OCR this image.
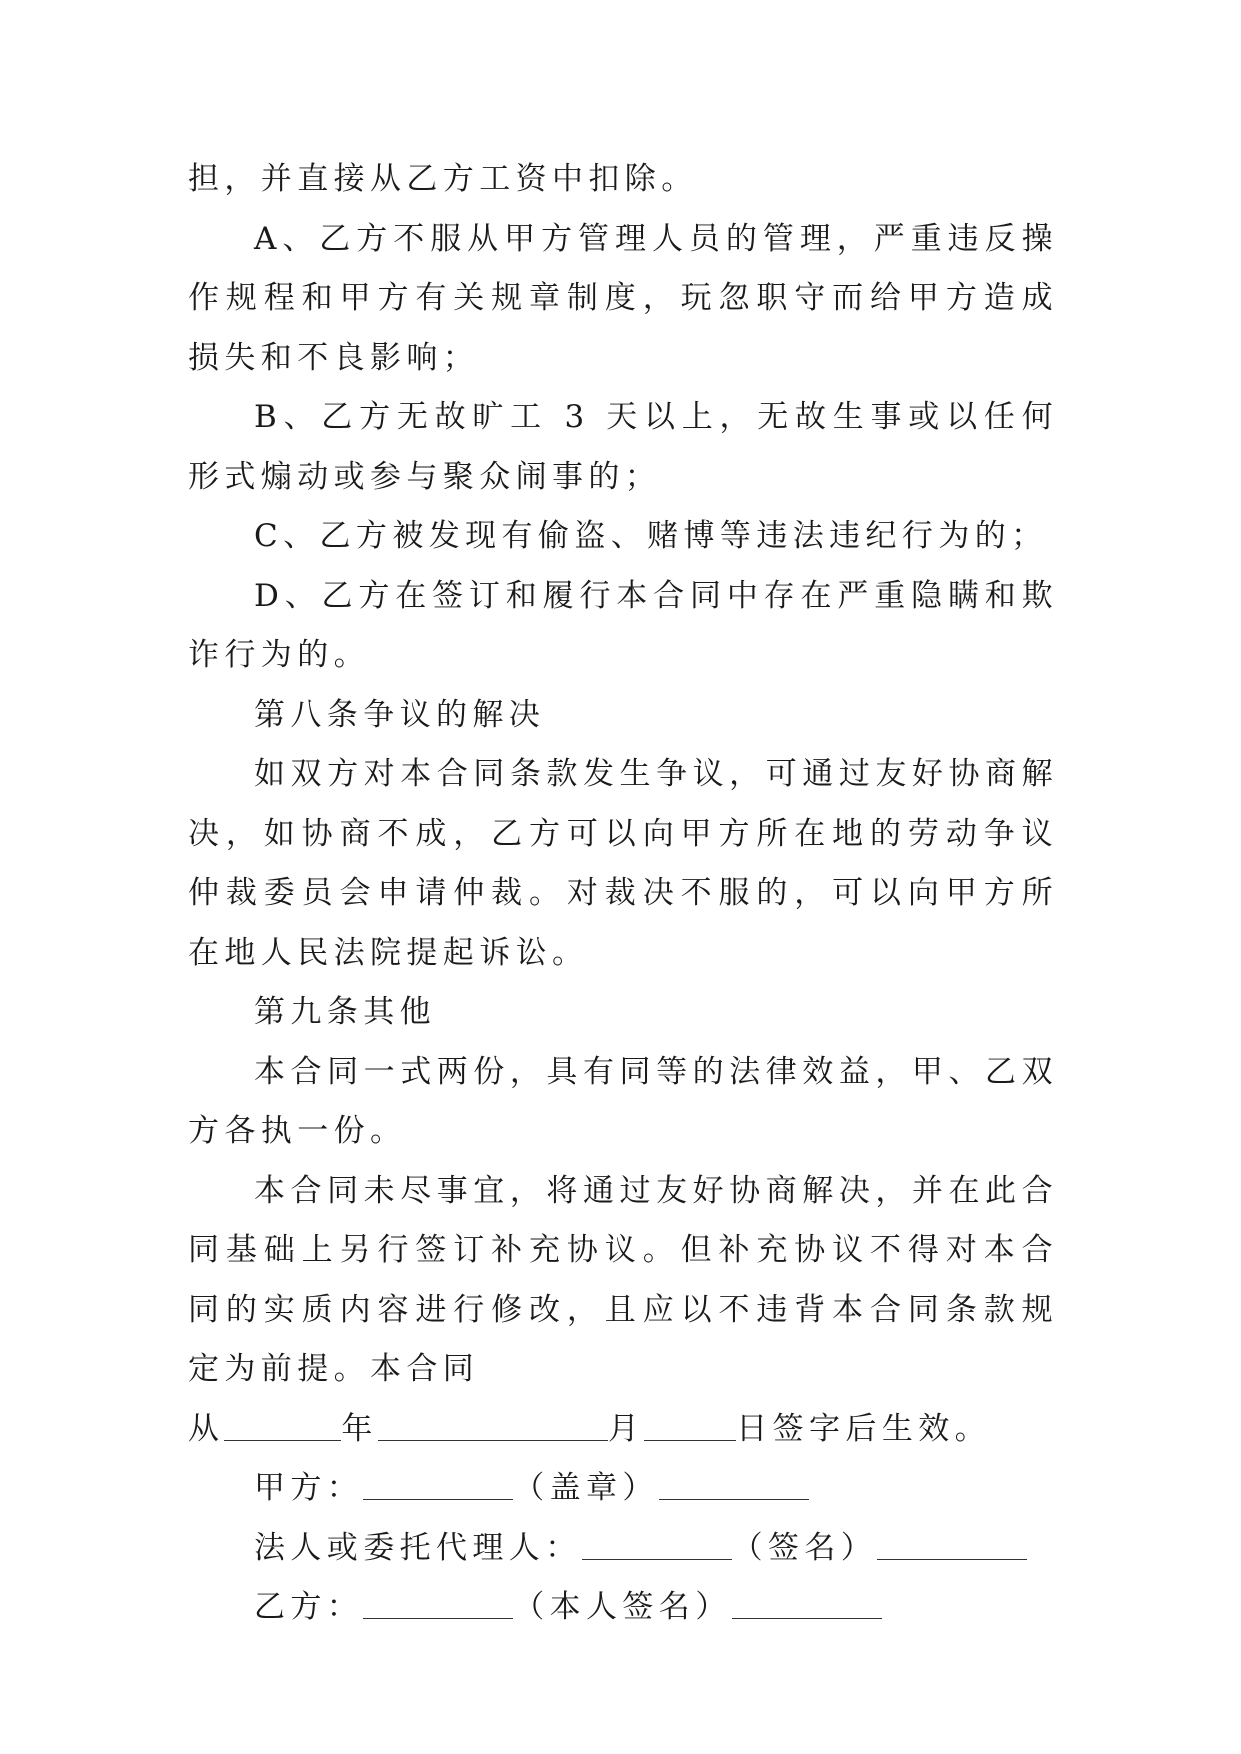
担，并直接从乙方工资中扣除。

A、乙方不服从甲方管理人员的管理，严重违反操作规程和甲方有关规章制度，玩忽职守而给甲方造成损失和不良影响；

B、乙方无故旷工 3 天以上，无故生事或以任何形式煽动或参与聚众闹事的；

C、乙方被发现有偷盗、赌博等违法违纪行为的；

D、乙方在签订和履行本合同中存在严重隐瞒和欺诈行为的。

第八条争议的解决

如双方对本合同条款发生争议，可通过友好协商解决，如协商不成，乙方可以向甲方所在地的劳动争议仲裁委员会申请仲裁。对裁决不服的，可以向甲方所在地人民法院提起诉讼。

第九条其他

本合同一式两份，具有同等的法律效益，甲、乙双方各执一份。

本合同未尽事宜，将通过友好协商解决，并在此合同基础上另行签订补充协议。但补充协议不得对本合同的实质内容进行修改，且应以不违背本合同条款规定为前提。本合同

从	年	月	日签字后生效。

甲方：	（盖章）

法人或委托代理人：	（签名）

乙方：	（本人签名）
